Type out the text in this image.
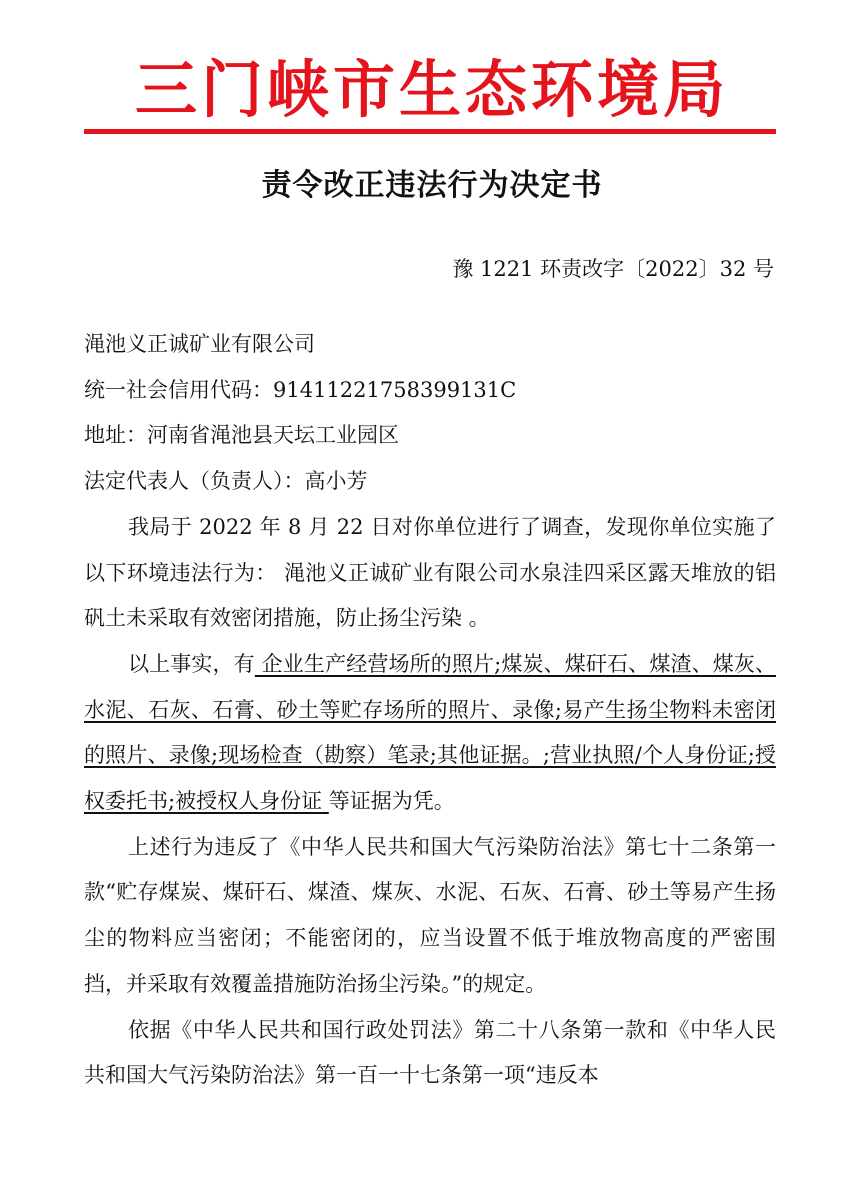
三门峡市生态环境局
责令改正违法行为决定书
豫 1221 环责改字〔2022〕32 号
渑池义正诚矿业有限公司
统一社会信用代码：91411221758399131C
地址：河南省渑池县天坛工业园区
法定代表人（负责人）：高小芳
我局于 2022 年 8 月 22 日对你单位进行了调查，发现你单位实施了以下环境违法行为： 渑池义正诚矿业有限公司水泉洼四采区露天堆放的铝矾土未采取有效密闭措施，防止扬尘污染 。
以上事实，有 企业生产经营场所的照片;煤炭、煤矸石、煤渣、煤灰、水泥、石灰、石膏、砂土等贮存场所的照片、录像;易产生扬尘物料未密闭的照片、录像;现场检查（勘察）笔录;其他证据。;营业执照/个人身份证;授权委托书;被授权人身份证 等证据为凭。
上述行为违反了《中华人民共和国大气污染防治法》第七十二条第一款“贮存煤炭、煤矸石、煤渣、煤灰、水泥、石灰、石膏、砂土等易产生扬尘的物料应当密闭；不能密闭的，应当设置不低于堆放物高度的严密围挡，并采取有效覆盖措施防治扬尘污染。”的规定。
依据《中华人民共和国行政处罚法》第二十八条第一款和《中华人民共和国大气污染防治法》第一百一十七条第一项“违反本
